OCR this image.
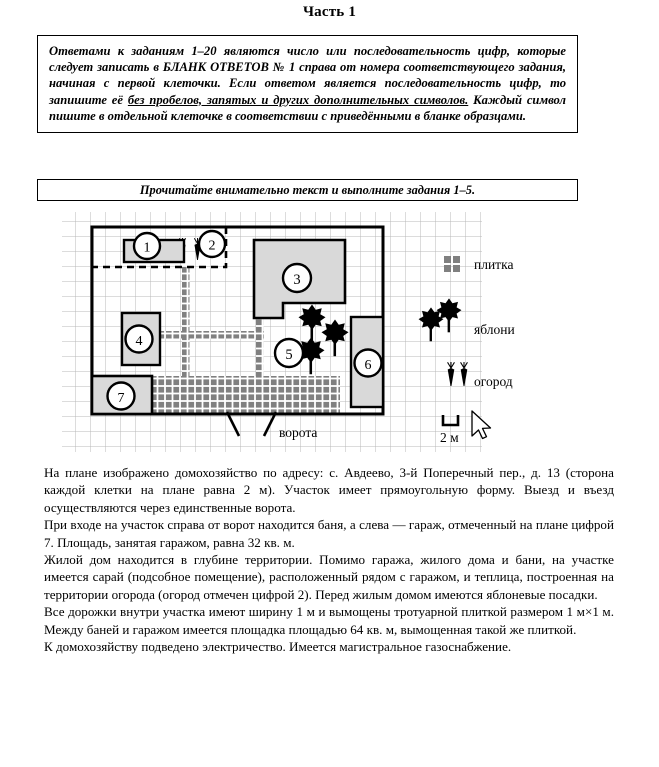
Часть 1

Ответами к заданиям 1–20 являются число или последовательность цифр, которые следует записать в БЛАНК ОТВЕТОВ № 1 справа от номера соответствующего задания, начиная с первой клеточки. Если ответом является последовательность цифр, то запишите её без пробелов, запятых и других дополнительных символов. Каждый символ пишите в отдельной клеточке в соответствии с приведёнными в бланке образцами.

Прочитайте внимательно текст и выполните задания 1–5.
ворота
1	2
3
4
5
6
7
плитка
яблони
огород
2 м

На плане изображено домохозяйство по адресу: с. Авдеево, 3-й Поперечный пер., д. 13 (сторона каждой клетки на плане равна 2 м). Участок имеет прямоугольную форму. Выезд и въезд осуществляются через единственные ворота.

При входе на участок справа от ворот находится баня, а слева — гараж, отмеченный на плане цифрой 7. Площадь, занятая гаражом, равна 32 кв. м.

Жилой дом находится в глубине территории. Помимо гаража, жилого дома и бани, на участке имеется сарай (подсобное помещение), расположенный рядом с гаражом, и теплица, построенная на территории огорода (огород отмечен цифрой 2). Перед жилым домом имеются яблоневые посадки.

Все дорожки внутри участка имеют ширину 1 м и вымощены тротуарной плиткой размером 1 м×1 м. Между баней и гаражом имеется площадка площадью 64 кв. м, вымощенная такой же плиткой.

К домохозяйству подведено электричество. Имеется магистральное газоснабжение.
